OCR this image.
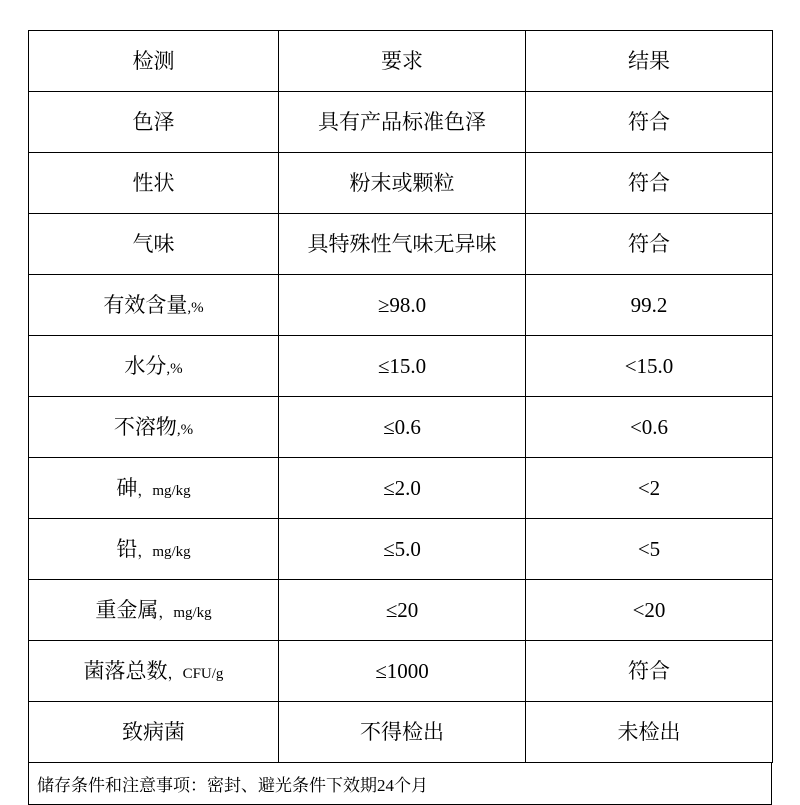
检测	要求	结果
色泽	具有产品标准色泽	符合
性状	粉末或颗粒	符合
气味	具特殊性气味无异味	符合
有效含量,%	≥98.0	99.2
水分,%	≤15.0	<15.0
不溶物,%	≤0.6	<0.6
砷，mg/kg	≤2.0	<2
铅，mg/kg	≤5.0	<5
重金属，mg/kg	≤20	<20
菌落总数，CFU/g	≤1000	符合
致病菌	不得检出	未检出
储存条件和注意事项：密封、避光条件下效期24个月
